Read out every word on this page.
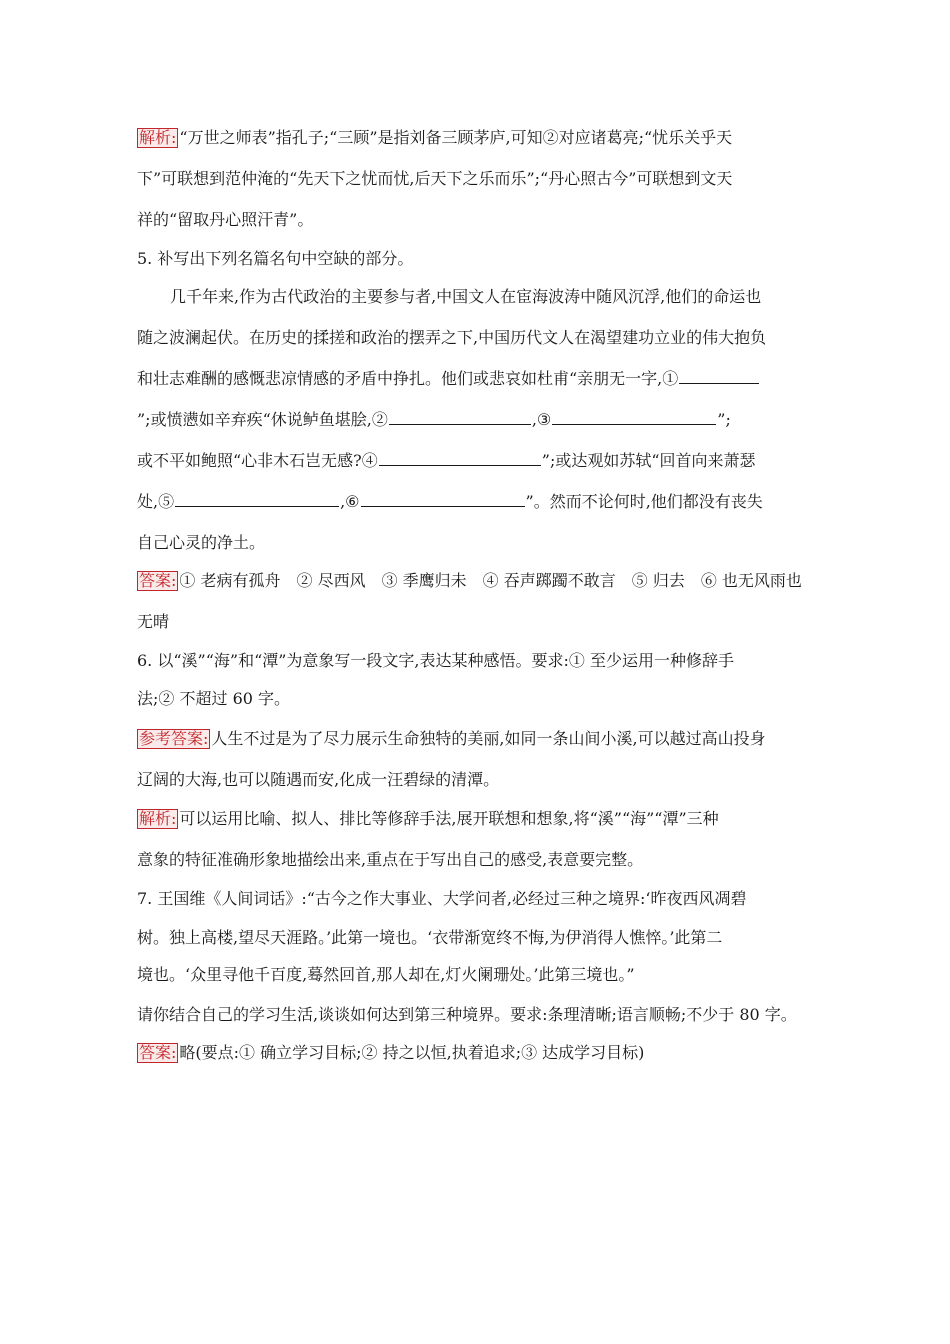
解析: “万世之师表”指孔子;“三顾”是指刘备三顾茅庐,可知②对应诸葛亮;“忧乐关乎天
下”可联想到范仲淹的“先天下之忧而忧,后天下之乐而乐”;“丹心照古今”可联想到文天
祥的“留取丹心照汗青”。
5. 补写出下列名篇名句中空缺的部分。
几千年来,作为古代政治的主要参与者,中国文人在宦海波涛中随风沉浮,他们的命运也
随之波澜起伏。在历史的揉搓和政治的摆弄之下,中国历代文人在渴望建功立业的伟大抱负
和壮志难酬的感慨悲凉情感的矛盾中挣扎。他们或悲哀如杜甫“亲朋无一字,①
”;或愤懑如辛弃疾“休说鲈鱼堪脍,②	,③	”;
或不平如鲍照“心非木石岂无感?④	”;或达观如苏轼“回首向来萧瑟
处,⑤	,⑥	”。然而不论何时,他们都没有丧失
自己心灵的净土。
答案: ① 老病有孤舟　② 尽西风　③ 季鹰归未　④ 吞声踯躅不敢言　⑤ 归去　⑥ 也无风雨也
无晴
6. 以“溪”“海”和“潭”为意象写一段文字,表达某种感悟。要求:① 至少运用一种修辞手
法;② 不超过 60 字。
参考答案: 人生不过是为了尽力展示生命独特的美丽,如同一条山间小溪,可以越过高山投身
辽阔的大海,也可以随遇而安,化成一汪碧绿的清潭。
解析: 可以运用比喻、拟人、排比等修辞手法,展开联想和想象,将“溪”“海”“潭”三种
意象的特征准确形象地描绘出来,重点在于写出自己的感受,表意要完整。
7. 王国维《人间词话》:“古今之作大事业、大学问者,必经过三种之境界:‘昨夜西风凋碧
树。独上高楼,望尽天涯路。’此第一境也。‘衣带渐宽终不悔,为伊消得人憔悴。’此第二
境也。‘众里寻他千百度,蓦然回首,那人却在,灯火阑珊处。’此第三境也。”
请你结合自己的学习生活,谈谈如何达到第三种境界。要求:条理清晰;语言顺畅;不少于 80 字。
答案: 略(要点:① 确立学习目标;② 持之以恒,执着追求;③ 达成学习目标)
